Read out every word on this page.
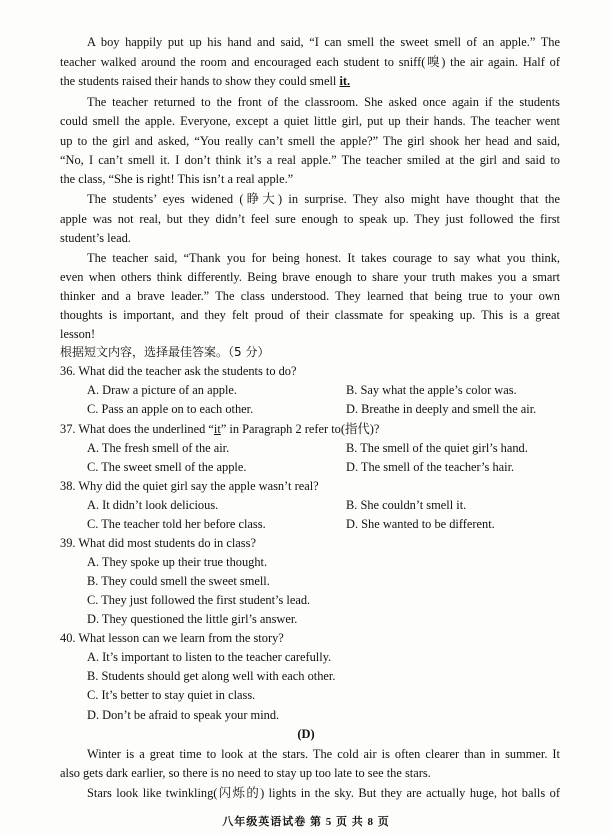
A boy happily put up his hand and said, “I can smell the sweet smell of an apple.” The
teacher walked around the room and encouraged each student to sniff(嗅) the air again. Half of
the students raised their hands to show they could smell it.
The teacher returned to the front of the classroom. She asked once again if the students
could smell the apple. Everyone, except a quiet little girl, put up their hands. The teacher went
up to the girl and asked, “You really can’t smell the apple?” The girl shook her head and said,
“No, I can’t smell it. I don’t think it’s a real apple.” The teacher smiled at the girl and said to
the class, “She is right! This isn’t a real apple.”
The students’ eyes widened (睁大) in surprise. They also might have thought that the
apple was not real, but they didn’t feel sure enough to speak up. They just followed the first
student’s lead.
The teacher said, “Thank you for being honest. It takes courage to say what you think,
even when others think differently. Being brave enough to share your truth makes you a smart
thinker and a brave leader.” The class understood. They learned that being true to your own
thoughts is important, and they felt proud of their classmate for speaking up. This is a great
lesson!
根据短文内容，选择最佳答案。（5 分）
36. What did the teacher ask the students to do?
A. Draw a picture of an apple.	B. Say what the apple’s color was.
C. Pass an apple on to each other.	D. Breathe in deeply and smell the air.
37. What does the underlined “it” in Paragraph 2 refer to(指代)?
A. The fresh smell of the air.	B. The smell of the quiet girl’s hand.
C. The sweet smell of the apple.	D. The smell of the teacher’s hair.
38. Why did the quiet girl say the apple wasn’t real?
A. It didn’t look delicious.	B. She couldn’t smell it.
C. The teacher told her before class.	D. She wanted to be different.
39. What did most students do in class?
A. They spoke up their true thought.
B. They could smell the sweet smell.
C. They just followed the first student’s lead.
D. They questioned the little girl’s answer.
40. What lesson can we learn from the story?
A. It’s important to listen to the teacher carefully.
B. Students should get along well with each other.
C. It’s better to stay quiet in class.
D. Don’t be afraid to speak your mind.
(D)
Winter is a great time to look at the stars. The cold air is often clearer than in summer. It
also gets dark earlier, so there is no need to stay up too late to see the stars.
Stars look like twinkling(闪烁的) lights in the sky. But they are actually huge, hot balls of
八年级英语试卷 第 5 页 共 8 页
